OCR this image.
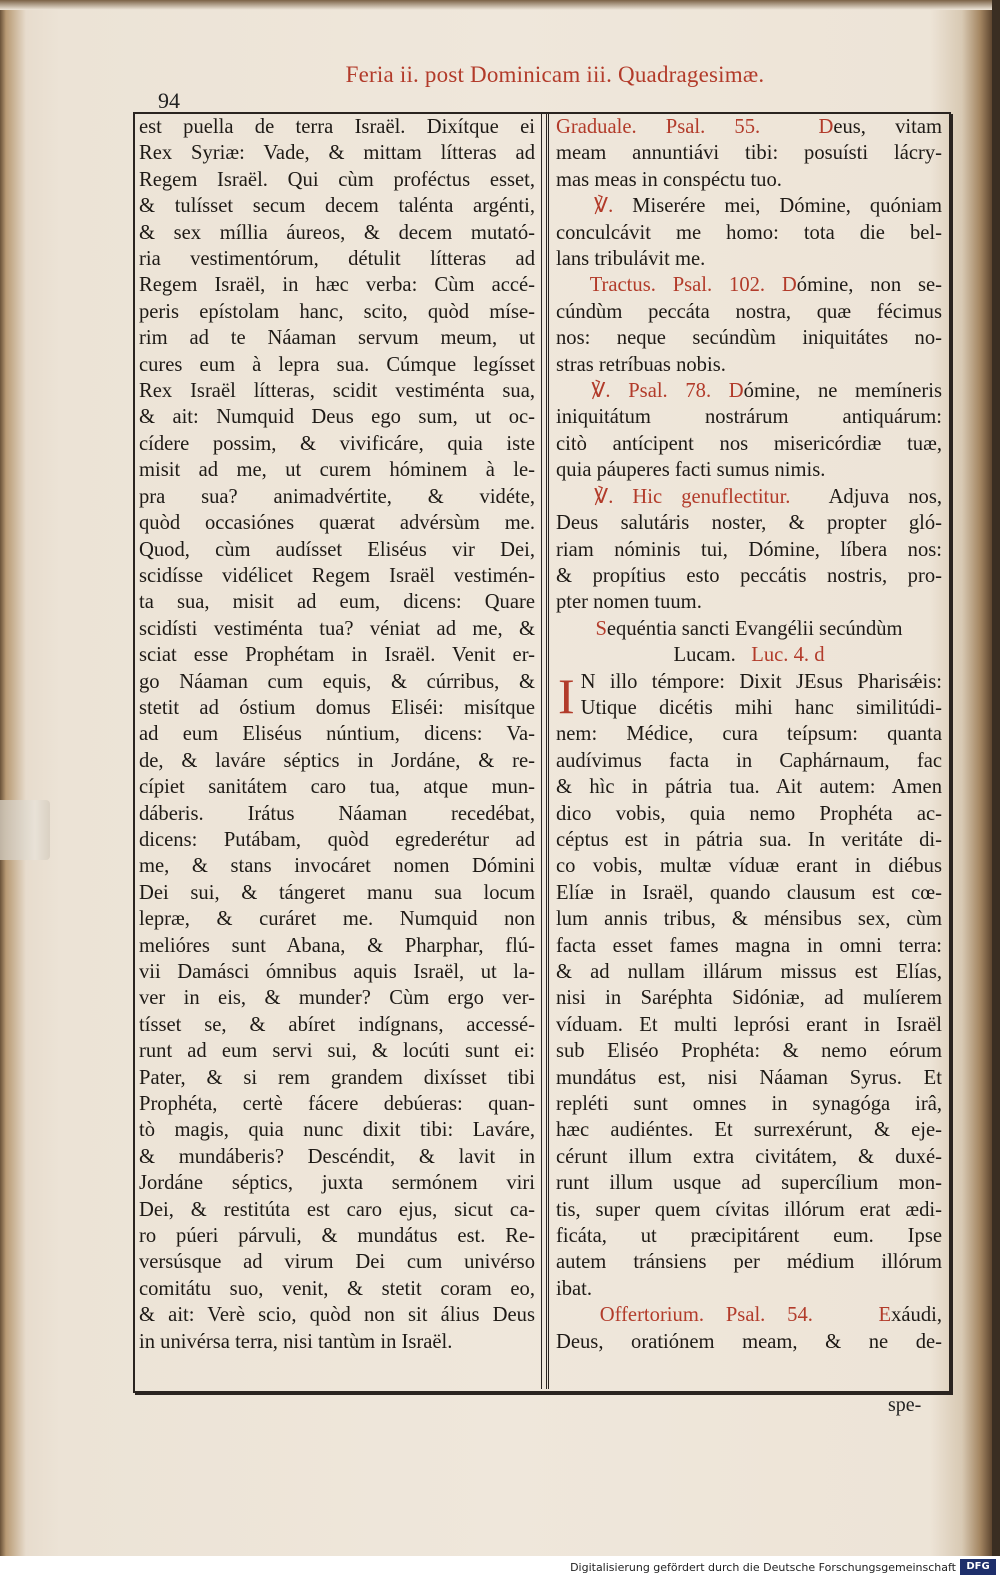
Feria ii. post Dominicam iii. Quadragesimæ.
94
est puella de terra Israël. Dixítque ei
Rex Syriæ: Vade, & mittam lítteras ad
Regem Israël. Qui cùm proféctus esset,
& tulísset secum decem talénta argénti,
& sex míllia áureos, & decem mutató-
ria vestimentórum, détulit lítteras ad
Regem Israël, in hæc verba: Cùm accé-
peris epístolam hanc, scito, quòd míse-
rim ad te Náaman servum meum, ut
cures eum à lepra sua. Cúmque legísset
Rex Israël lítteras, scidit vestiménta sua,
& ait: Numquid Deus ego sum, ut oc-
cídere possim, & vivificáre, quia iste
misit ad me, ut curem hóminem à le-
pra sua? animadvértite, & vidéte,
quòd occasiónes quærat advérsùm me.
Quod, cùm audísset Eliséus vir Dei,
scidísse vidélicet Regem Israël vestimén-
ta sua, misit ad eum, dicens: Quare
scidísti vestiménta tua? véniat ad me, &
sciat esse Prophétam in Israël. Venit er-
go Náaman cum equis, & cúrribus, &
stetit ad óstium domus Eliséi: misítque
ad eum Eliséus núntium, dicens: Va-
de, & laváre séptics in Jordáne, & re-
cípiet sanitátem caro tua, atque mun-
dáberis. Irátus Náaman recedébat,
dicens: Putábam, quòd egrederétur ad
me, & stans invocáret nomen Dómini
Dei sui, & tángeret manu sua locum
lepræ, & curáret me. Numquid non
melióres sunt Abana, & Pharphar, flú-
vii Damásci ómnibus aquis Israël, ut la-
ver in eis, & munder? Cùm ergo ver-
tísset se, & abíret indígnans, accessé-
runt ad eum servi sui, & locúti sunt ei:
Pater, & si rem grandem dixísset tibi
Prophéta, certè fácere debúeras: quan-
tò magis, quia nunc dixit tibi: Laváre,
& mundáberis? Descéndit, & lavit in
Jordáne séptics, juxta sermónem viri
Dei, & restitúta est caro ejus, sicut ca-
ro púeri párvuli, & mundátus est. Re-
versúsque ad virum Dei cum univérso
comitátu suo, venit, & stetit coram eo,
& ait: Verè scio, quòd non sit álius Deus
in univérsa terra, nisi tantùm in Israël.
Graduale. Psal. 55.	Deus, vitam
meam annuntiávi tibi: posuísti lácry-
mas meas in conspéctu tuo.
℣. Miserére mei, Dómine, quóniam
conculcávit me homo: tota die bel-
lans tribulávit me.
Tractus. Psal. 102. Dómine, non se-
cúndùm peccáta nostra, quæ fécimus
nos: neque secúndùm iniquitátes no-
stras retríbuas nobis.
℣. Psal. 78. Dómine, ne memíneris
iniquitátum nostrárum antiquárum:
citò antícipent nos misericórdiæ tuæ,
quia páuperes facti sumus nimis.
℣. Hic genuflectitur. Adjuva nos,
Deus salutáris noster, & propter gló-
riam nóminis tui, Dómine, líbera nos:
& propítius esto peccátis nostris, pro-
pter nomen tuum.
Sequéntia sancti Evangélii secúndùm
Lucam. Luc. 4. d
I N illo témpore: Dixit JEsus Pharisǽis:
Utique dicétis mihi hanc similitúdi-
nem: Médice, cura teípsum: quanta
audívimus facta in Caphárnaum, fac
& hìc in pátria tua. Ait autem: Amen
dico vobis, quia nemo Prophéta ac-
céptus est in pátria sua. In veritáte di-
co vobis, multæ víduæ erant in diébus
Elíæ in Israël, quando clausum est cœ-
lum annis tribus, & ménsibus sex, cùm
facta esset fames magna in omni terra:
& ad nullam illárum missus est Elías,
nisi in Saréphta Sidóniæ, ad mulíerem
víduam. Et multi leprósi erant in Israël
sub Eliséo Prophéta: & nemo eórum
mundátus est, nisi Náaman Syrus. Et
repléti sunt omnes in synagóga irâ,
hæc audiéntes. Et surrexérunt, & eje-
cérunt illum extra civitátem, & duxé-
runt illum usque ad supercílium mon-
tis, super quem cívitas illórum erat ædi-
ficáta, ut præcipitárent eum. Ipse
autem tránsiens per médium illórum
ibat.
Offertorium. Psal. 54.	Exáudi,
Deus, oratiónem meam, & ne de-
spe-
Digitalisierung gefördert durch die Deutsche Forschungsgemeinschaft	DFG
